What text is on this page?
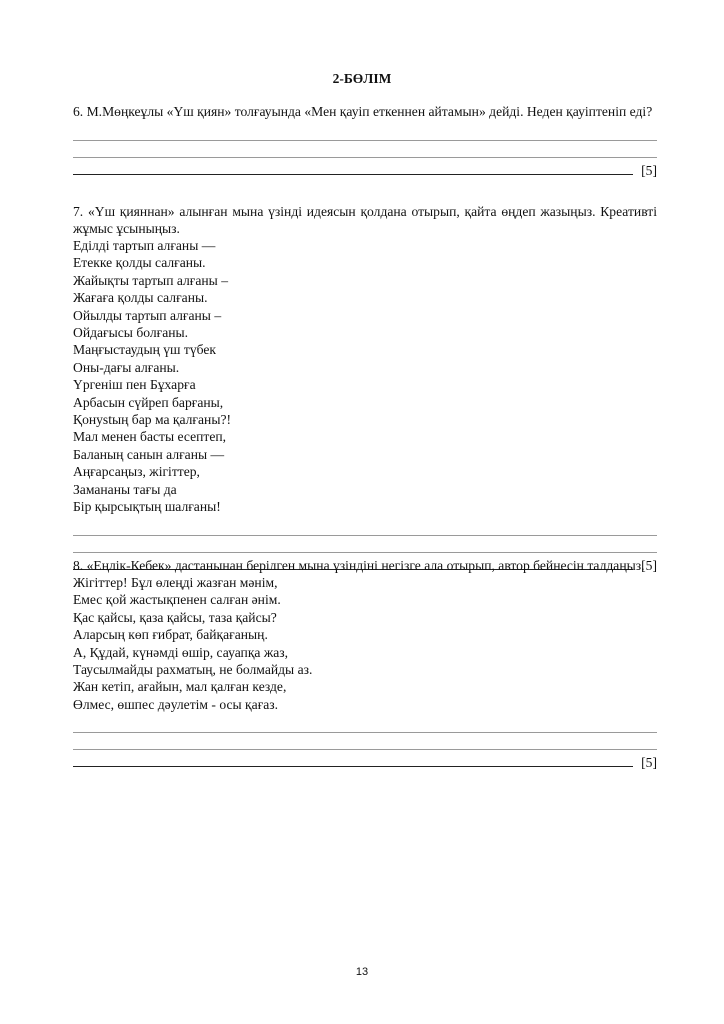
2-БӨЛІМ

6. М.Мөңкеұлы «Үш қиян» толғауында «Мен қауіп еткеннен айтамын» дейді. Неден қауіптеніп еді?

[5]

7. «Үш қияннан» алынған мына үзінді идеясын қолдана отырып, қайта өңдеп жазыңыз. Креативті жұмыс ұсыныңыз.

Еділді тартып алғаны —
Етекке қолды салғаны.
Жайықты тартып алғаны –
Жағаға қолды салғаны.
Ойылды тартып алғаны –
Ойдағысы болғаны.
Маңғыстаудың үш түбек
Оны-дағы алғаны.
Үргеніш пен Бұхарға
Арбасын сүйреп барғаны,
Қонystың бар ма қалғаны?!
Мал менен басты есептеп,
Баланың санын алғаны —
Аңғарсаңыз, жігіттер,
Замананы тағы да
Бір қырсықтың шалғаны!
[5]

8. «Еңлік-Кебек» дастанынан берілген мына үзіндіні негізге ала отырып, автор бейнесін талдаңыз.

Жігіттер! Бұл өлеңді жазған мәнім,
Емес қой жастықпенен салған әнім.
Қас қайсы, қаза қайсы, таза қайсы?
Аларсың көп ғибрат, байқағаның.
А, Құдай, күнәмді өшір, сауапқа жаз,
Таусылмайды рахматың, не болмайды аз.
Жан кетіп, ағайын, мал қалған кезде,
Өлмес, өшпес дәулетім - осы қағаз.
[5]
13
